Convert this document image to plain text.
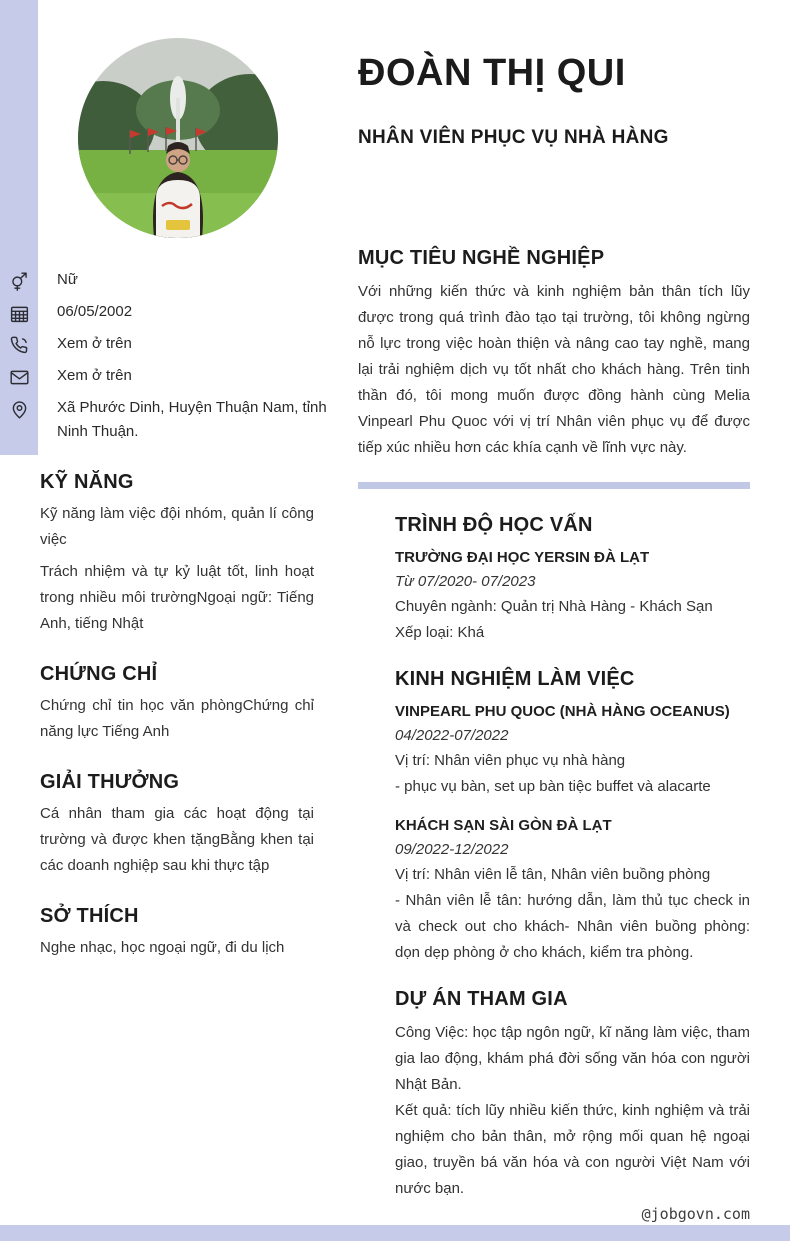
ĐOÀN THỊ QUI
NHÂN VIÊN PHỤC VỤ NHÀ HÀNG
Nữ
06/05/2002
Xem ở trên
Xem ở trên
Xã Phước Dinh, Huyện Thuận Nam, tỉnh Ninh Thuận.
KỸ NĂNG

Kỹ năng làm việc đội nhóm, quản lí công việc

Trách nhiệm và tự kỷ luật tốt, linh hoạt trong nhiều môi trườngNgoại ngữ: Tiếng Anh, tiếng Nhật

CHỨNG CHỈ

Chứng chỉ tin học văn phòngChứng chỉ năng lực Tiếng Anh

GIẢI THƯỞNG

Cá nhân tham gia các hoạt động tại trường và được khen tặngBằng khen tại các doanh nghiệp sau khi thực tập

SỞ THÍCH

Nghe nhạc, học ngoại ngữ, đi du lịch

MỤC TIÊU NGHỀ NGHIỆP

Với những kiến thức và kinh nghiệm bản thân tích lũy được trong quá trình đào tạo tại trường, tôi không ngừng nỗ lực trong việc hoàn thiện và nâng cao tay nghề, mang lại trải nghiệm dịch vụ tốt nhất cho khách hàng. Trên tinh thần đó, tôi mong muốn được đồng hành cùng Melia Vinpearl Phu Quoc với vị trí Nhân viên phục vụ để được tiếp xúc nhiều hơn các khía cạnh về lĩnh vực này.

TRÌNH ĐỘ HỌC VẤN

TRƯỜNG ĐẠI HỌC YERSIN ĐÀ LẠT

Từ 07/2020- 07/2023

Chuyên ngành: Quản trị Nhà Hàng - Khách Sạn

Xếp loại: Khá

KINH NGHIỆM LÀM VIỆC

VINPEARL PHU QUOC (NHÀ HÀNG OCEANUS)

04/2022-07/2022

Vị trí: Nhân viên phục vụ nhà hàng

- phục vụ bàn, set up bàn tiệc buffet và alacarte

KHÁCH SẠN SÀI GÒN ĐÀ LẠT

09/2022-12/2022

Vị trí: Nhân viên lễ tân, Nhân viên buồng phòng

- Nhân viên lễ tân: hướng dẫn, làm thủ tục check in và check out cho khách- Nhân viên buồng phòng: dọn dẹp phòng ở cho khách, kiểm tra phòng.

DỰ ÁN THAM GIA

Công Việc: học tập ngôn ngữ, kĩ năng làm việc, tham gia lao động, khám phá đời sống văn hóa con người Nhật Bản.

Kết quả: tích lũy nhiều kiến thức, kinh nghiệm và trải nghiệm cho bản thân, mở rộng mối quan hệ ngoại giao, truyền bá văn hóa và con người Việt Nam với nước bạn.

@jobgovn.com
